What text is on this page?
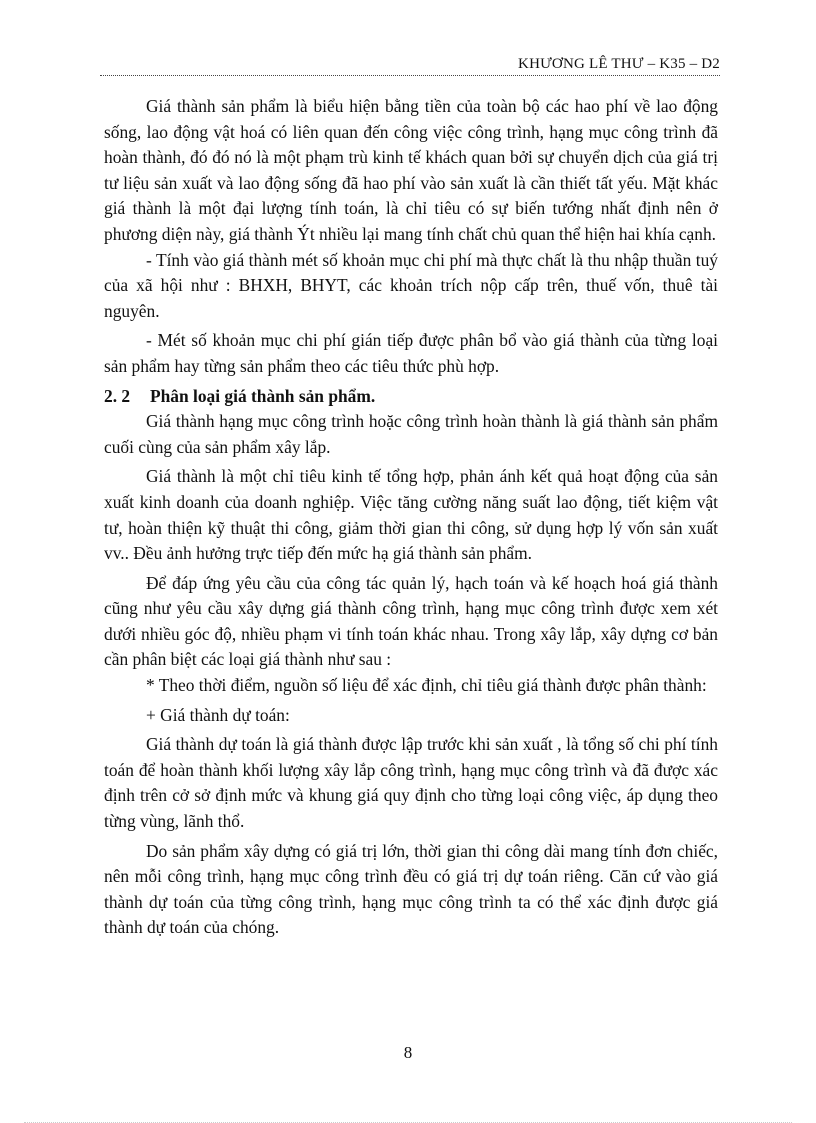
KHƯƠNG LÊ THƯ – K35 – D2

Giá thành sản phẩm là biểu hiện bằng tiền của toàn bộ các hao phí về lao động sống, lao động vật hoá có liên quan đến công việc công trình, hạng mục công trình đã hoàn thành, đó đó nó là một phạm trù kinh tế khách quan bởi sự chuyển dịch của giá trị tư liệu sản xuất và lao động sống đã hao phí vào sản xuất là cần thiết tất yếu. Mặt khác giá thành là một đại lượng tính toán, là chỉ tiêu có sự biến tướng nhất định nên ở phương diện này, giá thành Ýt nhiều lại mang tính chất chủ quan thể hiện hai khía cạnh.

- Tính vào giá thành mét số khoản mục chi phí mà thực chất là thu nhập thuần tuý của xã hội như : BHXH, BHYT, các khoản trích nộp cấp trên, thuế vốn, thuê tài nguyên.

- Mét số khoản mục chi phí gián tiếp được phân bổ vào giá thành của từng loại sản phẩm hay từng sản phẩm theo các tiêu thức phù hợp.

2. 2 Phân loại giá thành sản phẩm.

Giá thành hạng mục công trình hoặc công trình hoàn thành là giá thành sản phẩm cuối cùng của sản phẩm xây lắp.

Giá thành là một chỉ tiêu kinh tế tổng hợp, phản ánh kết quả hoạt động của sản xuất kinh doanh của doanh nghiệp. Việc tăng cường năng suất lao động, tiết kiệm vật tư, hoàn thiện kỹ thuật thi công, giảm thời gian thi công, sử dụng hợp lý vốn sản xuất vv.. Đều ảnh hưởng trực tiếp đến mức hạ giá thành sản phẩm.

Để đáp ứng yêu cầu của công tác quản lý, hạch toán và kế hoạch hoá giá thành cũng như yêu cầu xây dựng giá thành công trình, hạng mục công trình được xem xét dưới nhiều góc độ, nhiều phạm vi tính toán khác nhau. Trong xây lắp, xây dựng cơ bản cần phân biệt các loại giá thành như sau :

* Theo thời điểm, nguồn số liệu để xác định, chỉ tiêu giá thành được phân thành:

+ Giá thành dự toán:

Giá thành dự toán là giá thành được lập trước khi sản xuất , là tổng số chi phí tính toán để hoàn thành khối lượng xây lắp công trình, hạng mục công trình và đã được xác định trên cở sở định mức và khung giá quy định cho từng loại công việc, áp dụng theo từng vùng, lãnh thổ.

Do sản phẩm xây dựng có giá trị lớn, thời gian thi công dài mang tính đơn chiếc, nên mỗi công trình, hạng mục công trình đều có giá trị dự toán riêng. Căn cứ vào giá thành dự toán của từng công trình, hạng mục công trình ta có thể xác định được giá thành dự toán của chóng.

8
